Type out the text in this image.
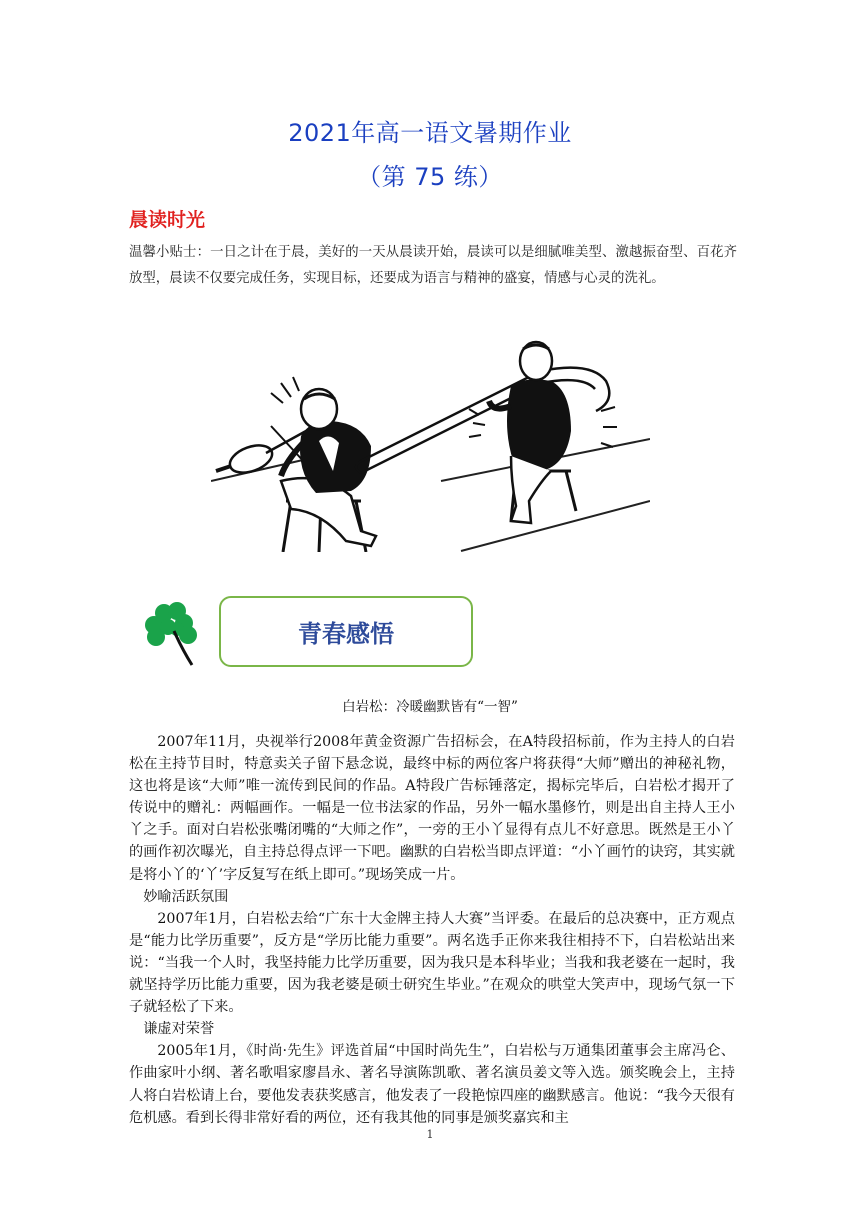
2021年高一语文暑期作业
（第 75 练）
晨读时光
温馨小贴士：一日之计在于晨，美好的一天从晨读开始，晨读可以是细腻唯美型、激越振奋型、百花齐放型，晨读不仅要完成任务，实现目标，还要成为语言与精神的盛宴，情感与心灵的洗礼。
青春感悟
白岩松：冷暖幽默皆有“一智”

2007年11月，央视举行2008年黄金资源广告招标会，在A特段招标前，作为主持人的白岩松在主持节目时，特意卖关子留下悬念说，最终中标的两位客户将获得“大师”赠出的神秘礼物，这也将是该“大师”唯一流传到民间的作品。A特段广告标锤落定，揭标完毕后，白岩松才揭开了传说中的赠礼：两幅画作。一幅是一位书法家的作品，另外一幅水墨修竹，则是出自主持人王小丫之手。面对白岩松张嘴闭嘴的“大师之作”，一旁的王小丫显得有点儿不好意思。既然是王小丫的画作初次曝光，自主持总得点评一下吧。幽默的白岩松当即点评道：“小丫画竹的诀窍，其实就是将小丫的‘丫’字反复写在纸上即可。”现场笑成一片。

妙喻活跃氛围

2007年1月，白岩松去给“广东十大金牌主持人大赛”当评委。在最后的总决赛中，正方观点是“能力比学历重要”，反方是“学历比能力重要”。两名选手正你来我往相持不下，白岩松站出来说：“当我一个人时，我坚持能力比学历重要，因为我只是本科毕业；当我和我老婆在一起时，我就坚持学历比能力重要，因为我老婆是硕士研究生毕业。”在观众的哄堂大笑声中，现场气氛一下子就轻松了下来。

谦虚对荣誉

2005年1月，《时尚·先生》评选首届“中国时尚先生”，白岩松与万通集团董事会主席冯仑、作曲家叶小纲、著名歌唱家廖昌永、著名导演陈凯歌、著名演员姜文等入选。颁奖晚会上，主持人将白岩松请上台，要他发表获奖感言，他发表了一段艳惊四座的幽默感言。他说：“我今天很有危机感。看到长得非常好看的两位，还有我其他的同事是颁奖嘉宾和主

1
